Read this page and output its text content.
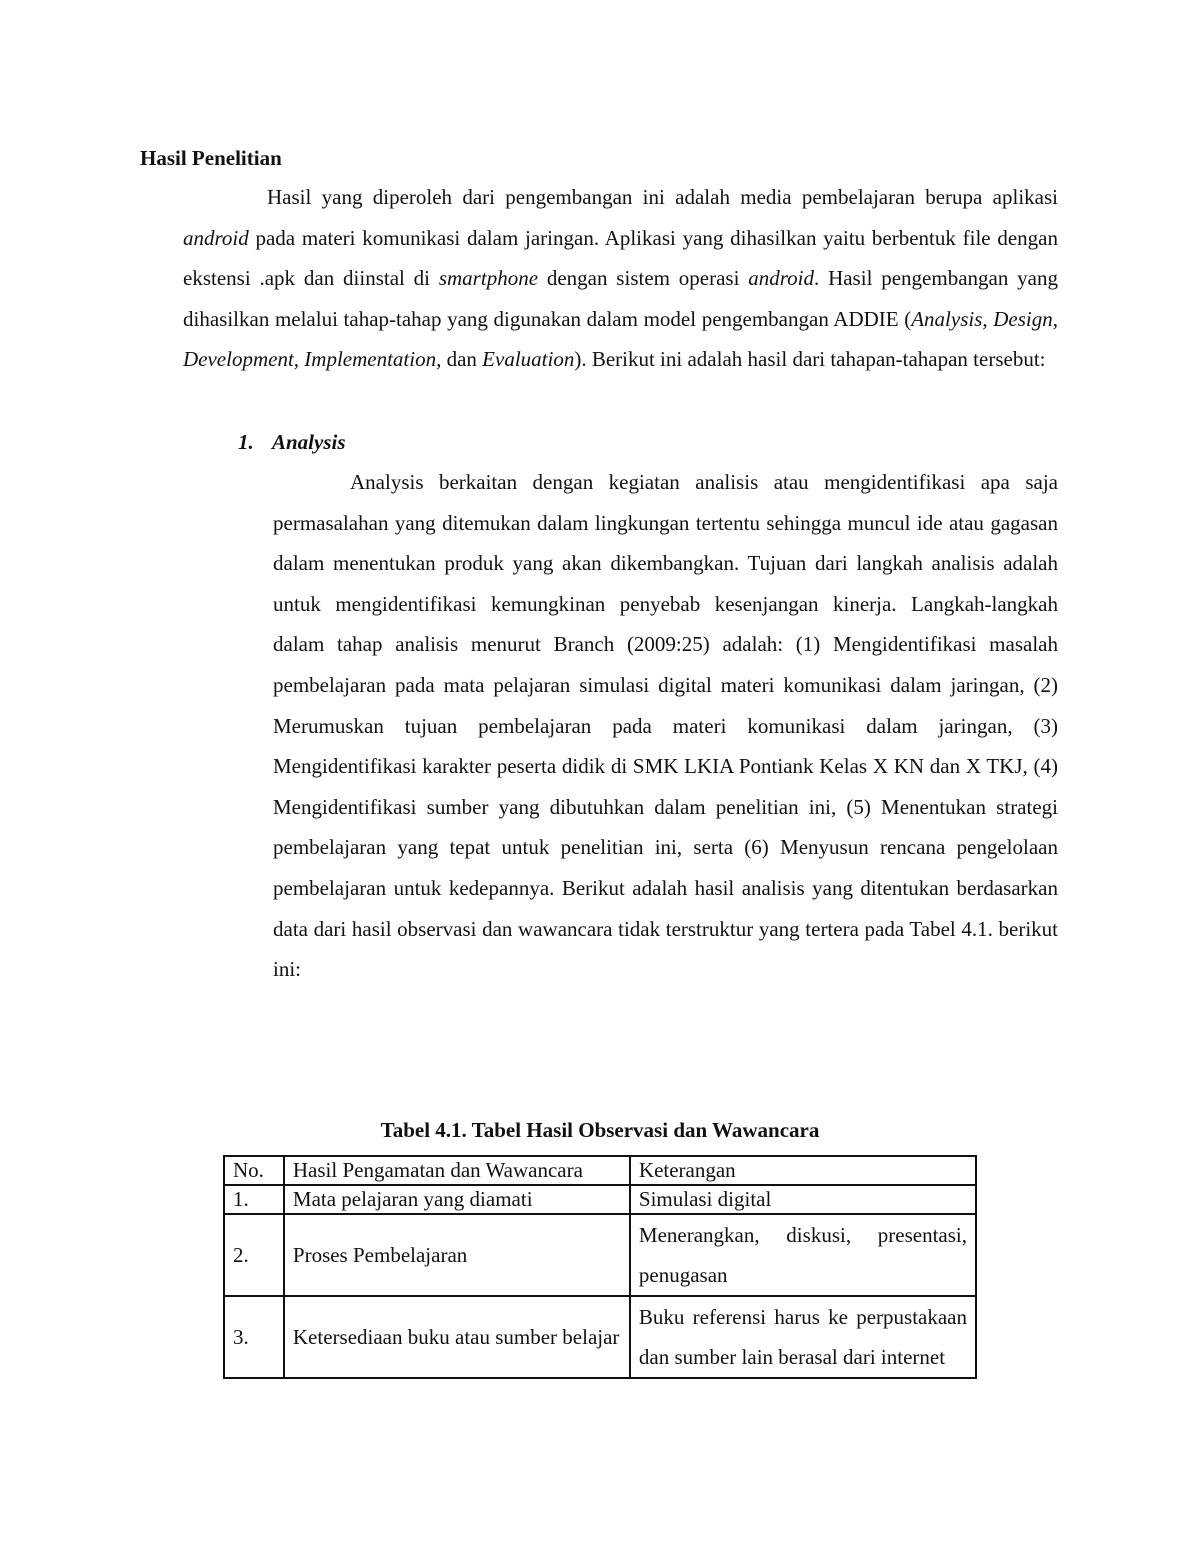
Hasil Penelitian

Hasil yang diperoleh dari pengembangan ini adalah media pembelajaran berupa aplikasi android pada materi komunikasi dalam jaringan. Aplikasi yang dihasilkan yaitu berbentuk file dengan ekstensi .apk dan diinstal di smartphone dengan sistem operasi android. Hasil pengembangan yang dihasilkan melalui tahap-tahap yang digunakan dalam model pengembangan ADDIE (Analysis, Design, Development, Implementation, dan Evaluation). Berikut ini adalah hasil dari tahapan-tahapan tersebut:

1. Analysis

Analysis berkaitan dengan kegiatan analisis atau mengidentifikasi apa saja permasalahan yang ditemukan dalam lingkungan tertentu sehingga muncul ide atau gagasan dalam menentukan produk yang akan dikembangkan. Tujuan dari langkah analisis adalah untuk mengidentifikasi kemungkinan penyebab kesenjangan kinerja. Langkah-langkah dalam tahap analisis menurut Branch (2009:25) adalah: (1) Mengidentifikasi masalah pembelajaran pada mata pelajaran simulasi digital materi komunikasi dalam jaringan, (2) Merumuskan tujuan pembelajaran pada materi komunikasi dalam jaringan, (3) Mengidentifikasi karakter peserta didik di SMK LKIA Pontiank Kelas X KN dan X TKJ, (4) Mengidentifikasi sumber yang dibutuhkan dalam penelitian ini, (5) Menentukan strategi pembelajaran yang tepat untuk penelitian ini, serta (6) Menyusun rencana pengelolaan pembelajaran untuk kedepannya. Berikut adalah hasil analisis yang ditentukan berdasarkan data dari hasil observasi dan wawancara tidak terstruktur yang tertera pada Tabel 4.1. berikut ini:

Tabel 4.1. Tabel Hasil Observasi dan Wawancara
No.	Hasil Pengamatan dan Wawancara	Keterangan
1.	Mata pelajaran yang diamati	Simulasi digital
2.	Proses Pembelajaran	Menerangkan, diskusi, presentasi, penugasan
3.	Ketersediaan buku atau sumber belajar	Buku referensi harus ke perpustakaan dan sumber lain berasal dari internet
